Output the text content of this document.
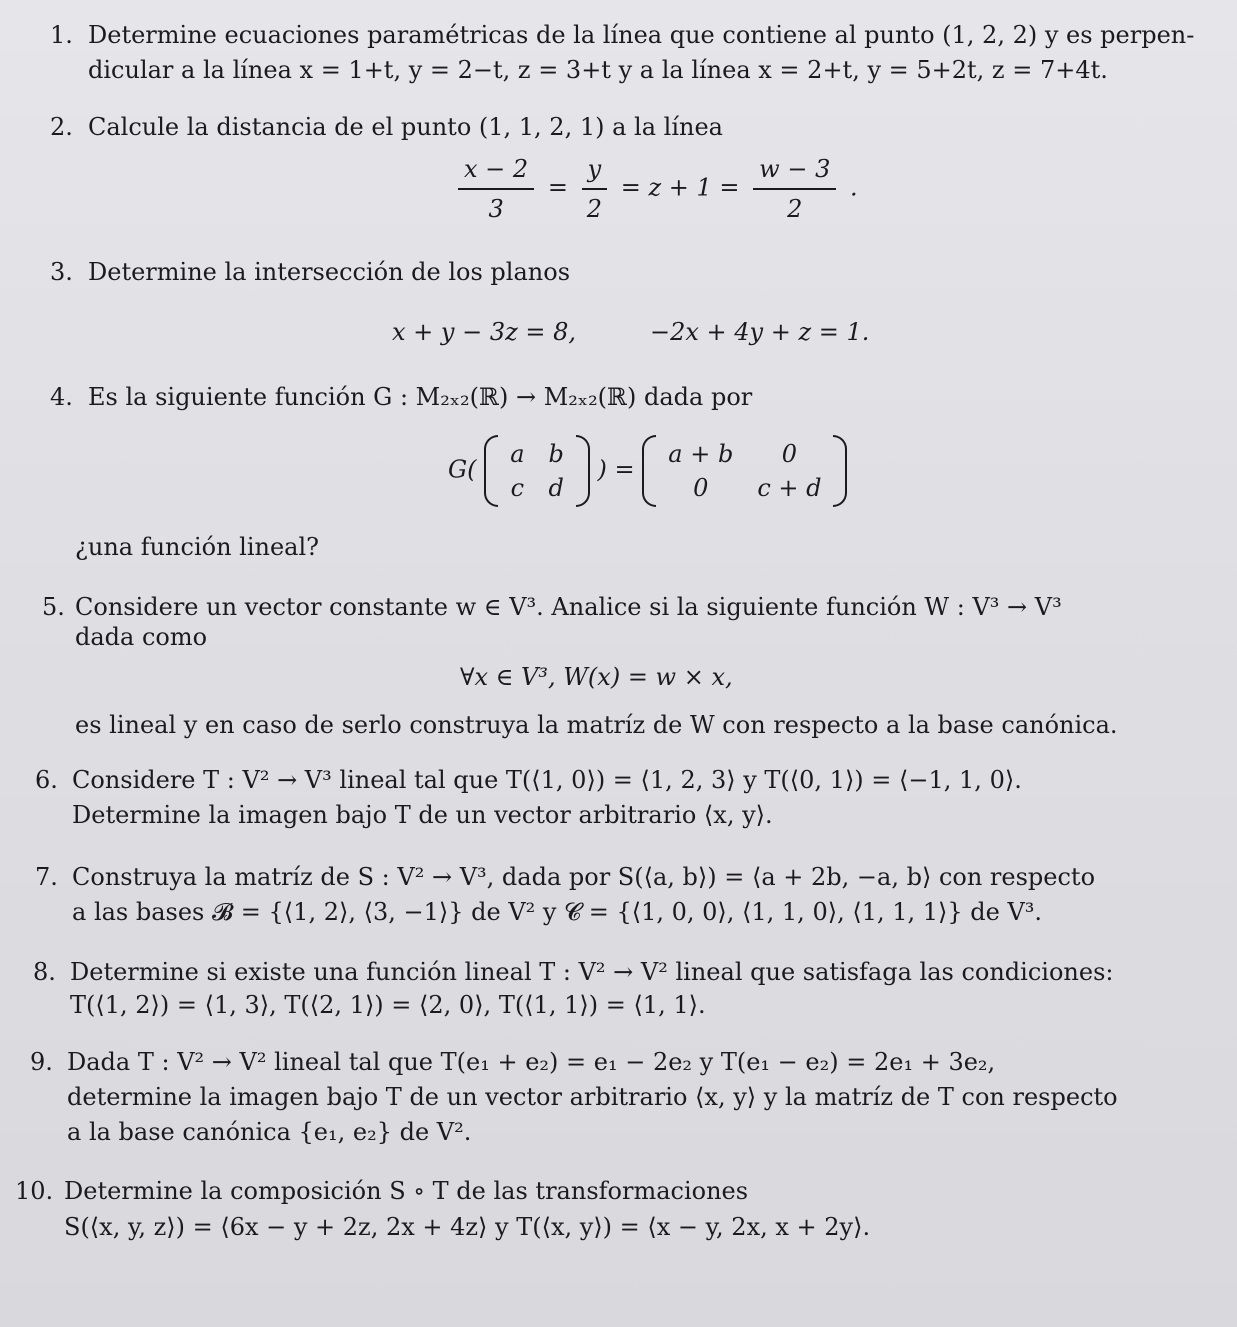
1. Determine ecuaciones paramétricas de la línea que contiene al punto (1, 2, 2) y es perpen-
dicular a la línea x = 1+t, y = 2−t, z = 3+t y a la línea x = 2+t, y = 5+2t, z = 7+4t.
2. Calcule la distancia de el punto (1, 1, 2, 1) a la línea
$\frac{x - 2}{3} = \frac{y}{2} = z + 1 = \frac{w - 3}{2}$ .
3. Determine la intersección de los planos
x + y − 3z = 8,	−2x + 4y + z = 1.
4. Es la siguiente función G : M₂ₓ₂(ℝ) → M₂ₓ₂(ℝ) dada por
G(
a	b
c	d
) =
a + b	0
0	c + d
¿una función lineal?
5. Considere un vector constante w ∈ V³. Analice si la siguiente función W : V³ → V³
dada como
∀x ∈ V³, W(x) = w × x,
es lineal y en caso de serlo construya la matríz de W con respecto a la base canónica.
6. Considere T : V² → V³ lineal tal que T(⟨1, 0⟩) = ⟨1, 2, 3⟩ y T(⟨0, 1⟩) = ⟨−1, 1, 0⟩.
Determine la imagen bajo T de un vector arbitrario ⟨x, y⟩.
7. Construya la matríz de S : V² → V³, dada por S(⟨a, b⟩) = ⟨a + 2b, −a, b⟩ con respecto
a las bases 𝓑 = {⟨1, 2⟩, ⟨3, −1⟩} de V² y 𝓒 = {⟨1, 0, 0⟩, ⟨1, 1, 0⟩, ⟨1, 1, 1⟩} de V³.
8. Determine si existe una función lineal T : V² → V² lineal que satisfaga las condiciones:
T(⟨1, 2⟩) = ⟨1, 3⟩, T(⟨2, 1⟩) = ⟨2, 0⟩, T(⟨1, 1⟩) = ⟨1, 1⟩.
9. Dada T : V² → V² lineal tal que T(e₁ + e₂) = e₁ − 2e₂ y T(e₁ − e₂) = 2e₁ + 3e₂,
determine la imagen bajo T de un vector arbitrario ⟨x, y⟩ y la matríz de T con respecto
a la base canónica {e₁, e₂} de V².
10. Determine la composición S ∘ T de las transformaciones
S(⟨x, y, z⟩) = ⟨6x − y + 2z, 2x + 4z⟩ y T(⟨x, y⟩) = ⟨x − y, 2x, x + 2y⟩.
